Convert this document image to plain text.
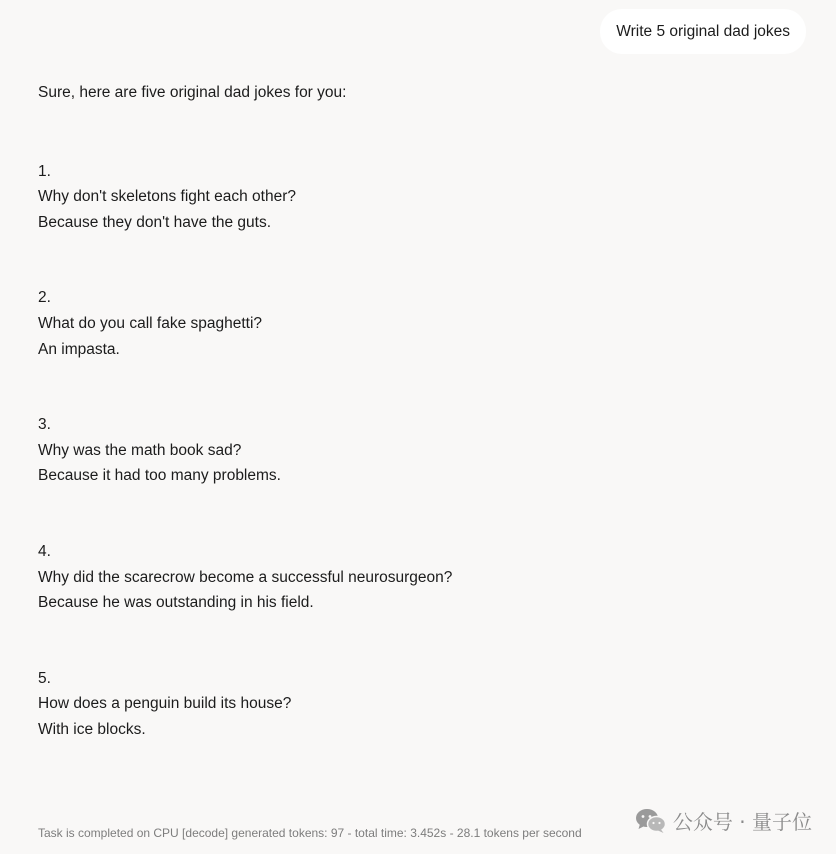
Write 5 original dad jokes

Sure, here are five original dad jokes for you:

1.

Why don't skeletons fight each other?

Because they don't have the guts.

2.

What do you call fake spaghetti?

An impasta.

3.

Why was the math book sad?

Because it had too many problems.

4.

Why did the scarecrow become a successful neurosurgeon?

Because he was outstanding in his field.

5.

How does a penguin build its house?

With ice blocks.

Task is completed on CPU [decode] generated tokens: 97 - total time: 3.452s - 28.1 tokens per second	公众号 · 量子位
